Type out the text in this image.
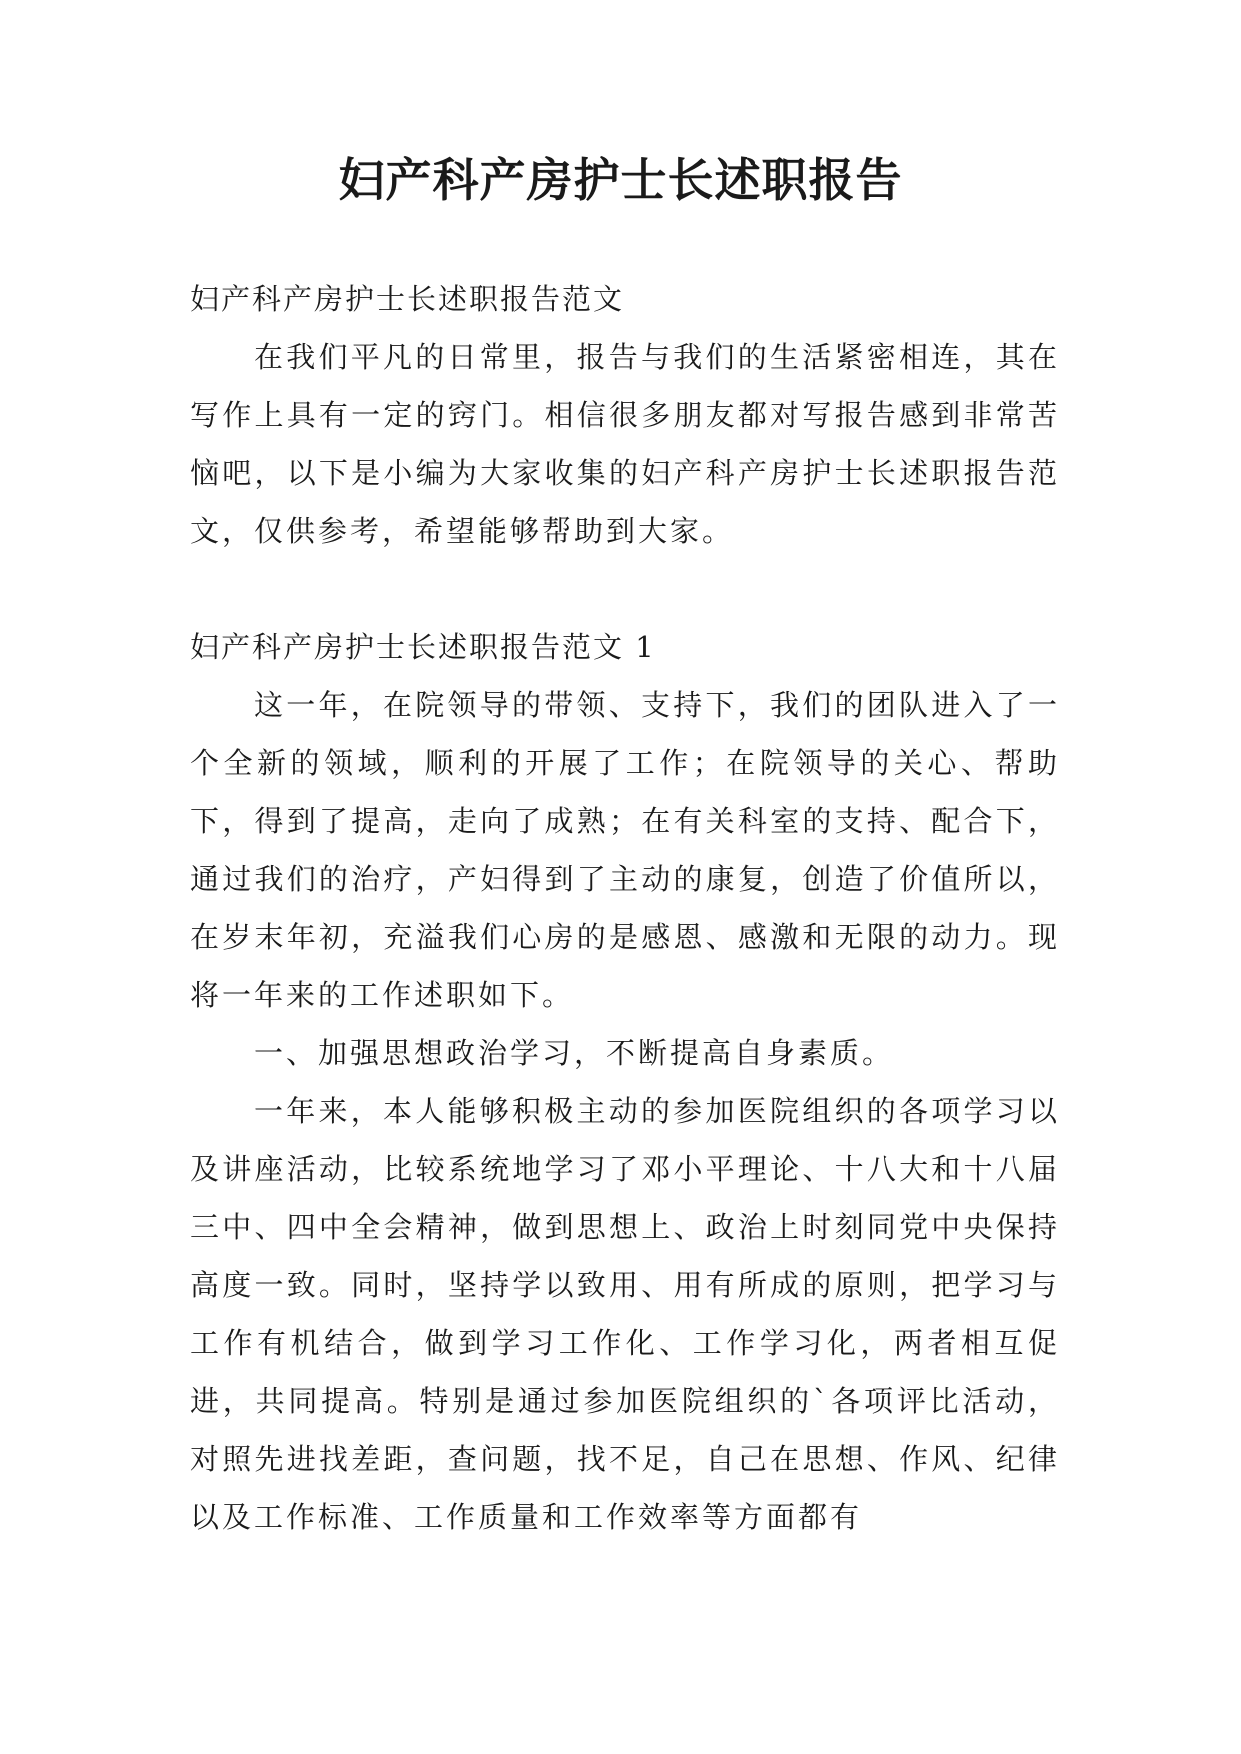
妇产科产房护士长述职报告

妇产科产房护士长述职报告范文

在我们平凡的日常里，报告与我们的生活紧密相连，其在写作上具有一定的窍门。相信很多朋友都对写报告感到非常苦恼吧，以下是小编为大家收集的妇产科产房护士长述职报告范文，仅供参考，希望能够帮助到大家。

妇产科产房护士长述职报告范文 1

这一年，在院领导的带领、支持下，我们的团队进入了一个全新的领域，顺利的开展了工作；在院领导的关心、帮助下，得到了提高，走向了成熟；在有关科室的支持、配合下，通过我们的治疗，产妇得到了主动的康复，创造了价值所以，在岁末年初，充溢我们心房的是感恩、感激和无限的动力。现将一年来的工作述职如下。

一、加强思想政治学习，不断提高自身素质。

一年来，本人能够积极主动的参加医院组织的各项学习以及讲座活动，比较系统地学习了邓小平理论、十八大和十八届三中、四中全会精神，做到思想上、政治上时刻同党中央保持高度一致。同时，坚持学以致用、用有所成的原则，把学习与工作有机结合，做到学习工作化、工作学习化，两者相互促进，共同提高。特别是通过参加医院组织的`各项评比活动，对照先进找差距，查问题，找不足，自己在思想、作风、纪律以及工作标准、工作质量和工作效率等方面都有
